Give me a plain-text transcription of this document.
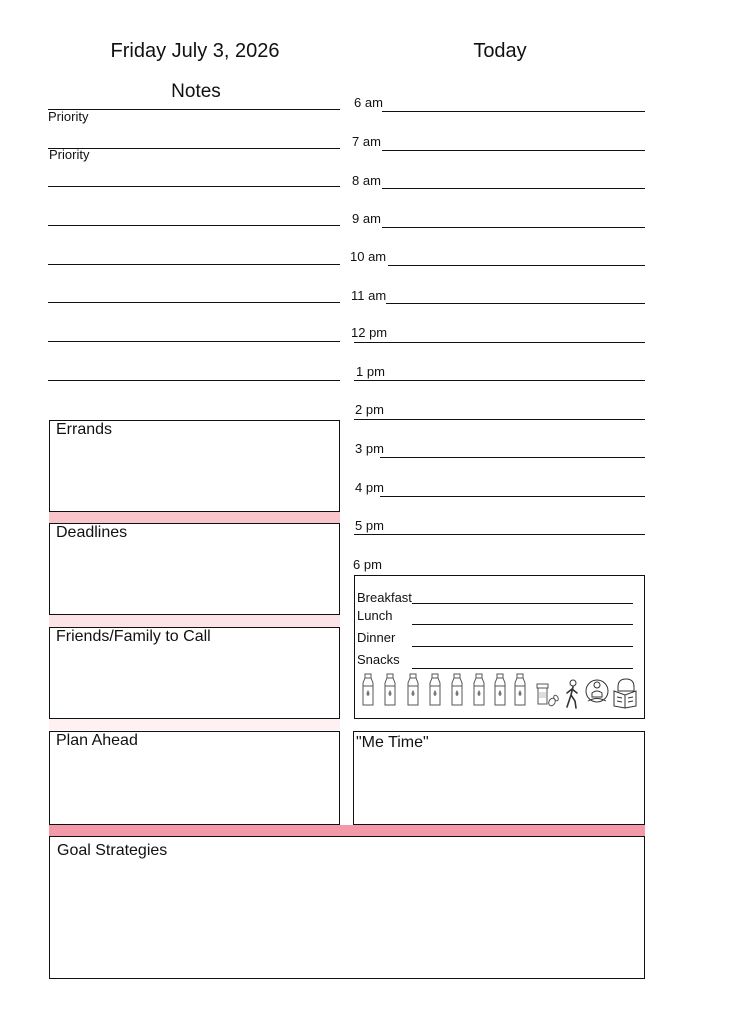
Friday July 3, 2026	Today
Notes
Priority
Priority
Errands
Deadlines
Friends/Family to Call
Plan Ahead
6 am
7 am
8 am
9 am
10 am
11 am
12 pm
1 pm
2 pm
3 pm
4 pm
5 pm
6 pm
Breakfast
Lunch
Dinner
Snacks
"Me Time"
Goal Strategies
